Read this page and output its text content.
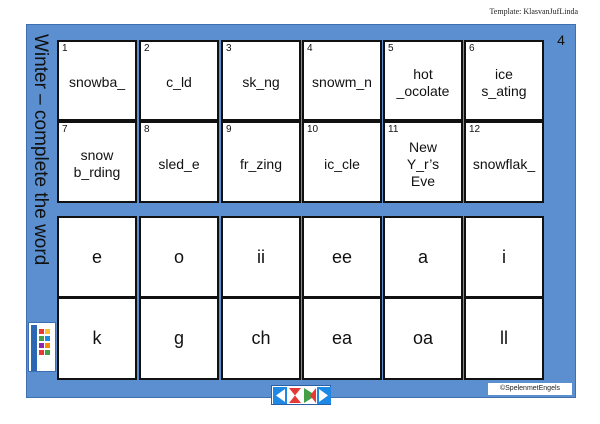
Template: KlasvanJufLinda
Winter – complete the word	4
1
snowba_
2
c_ld
3
sk_ng
4
snowm_n
5
hot
_ocolate
6
ice
s_ating
7
snow
b_rding
8
sled_e
9
fr_zing
10
ic_cle
11
New
Y_r’s
Eve
12
snowflak_
e	o	ii	ee	a	i
k	g	ch	ea	oa	ll
©SpelenmetEngels
